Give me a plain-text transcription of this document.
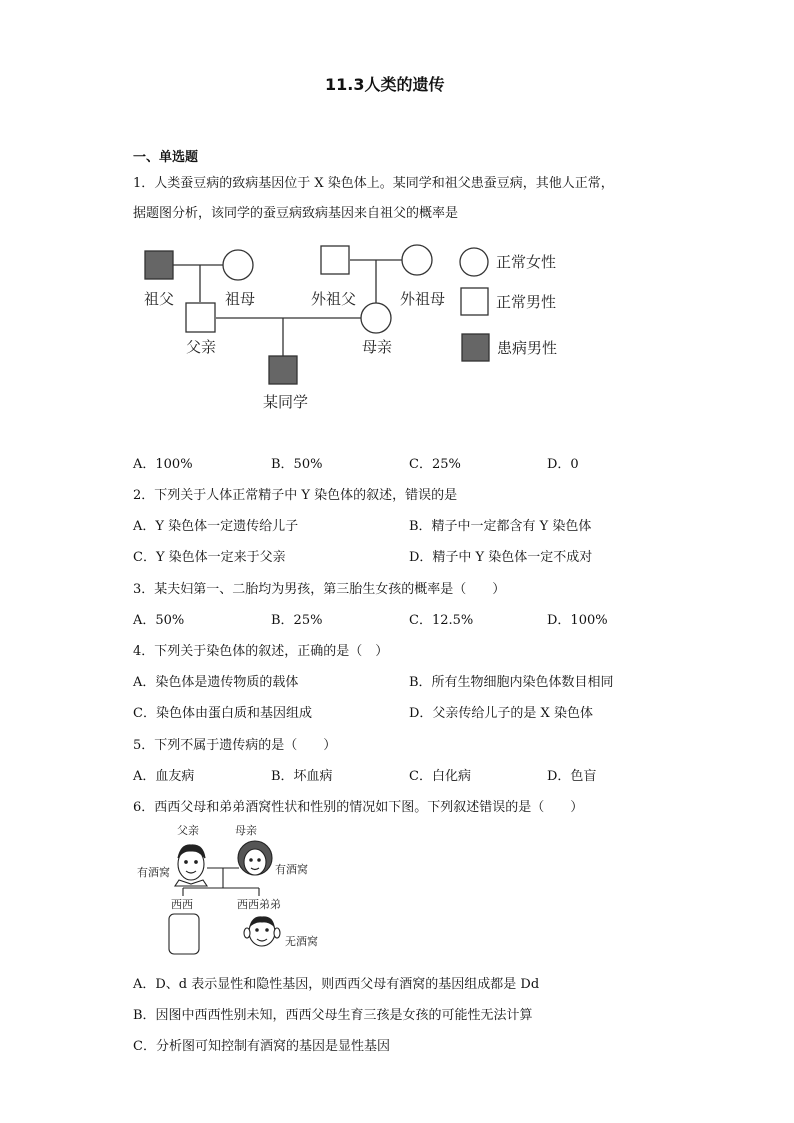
11.3人类的遗传
一、单选题
1．人类蚕豆病的致病基因位于 X 染色体上。某同学和祖父患蚕豆病，其他人正常，
据题图分析，该同学的蚕豆病致病基因来自祖父的概率是
祖父	祖母	外祖父	外祖母
父亲	母亲
某同学
正常女性
正常男性
患病男性
A．100%	B．50%	C．25%	D．0
2．下列关于人体正常精子中 Y 染色体的叙述，错误的是
A．Y 染色体一定遗传给儿子	B．精子中一定都含有 Y 染色体
C．Y 染色体一定来于父亲	D．精子中 Y 染色体一定不成对
3．某夫妇第一、二胎均为男孩，第三胎生女孩的概率是（　　）
A．50%	B．25%	C．12.5%	D．100%
4．下列关于染色体的叙述，正确的是（　）
A．染色体是遗传物质的载体	B．所有生物细胞内染色体数目相同
C．染色体由蛋白质和基因组成	D．父亲传给儿子的是 X 染色体
5．下列不属于遗传病的是（　　）
A．血友病	B．坏血病	C．白化病	D．色盲
6．西西父母和弟弟酒窝性状和性别的情况如下图。下列叙述错误的是（　　）
父亲	母亲
有酒窝	有酒窝
西西	西西弟弟
无酒窝
A．D、d 表示显性和隐性基因，则西西父母有酒窝的基因组成都是 Dd
B．因图中西西性别未知，西西父母生育三孩是女孩的可能性无法计算
C．分析图可知控制有酒窝的基因是显性基因
